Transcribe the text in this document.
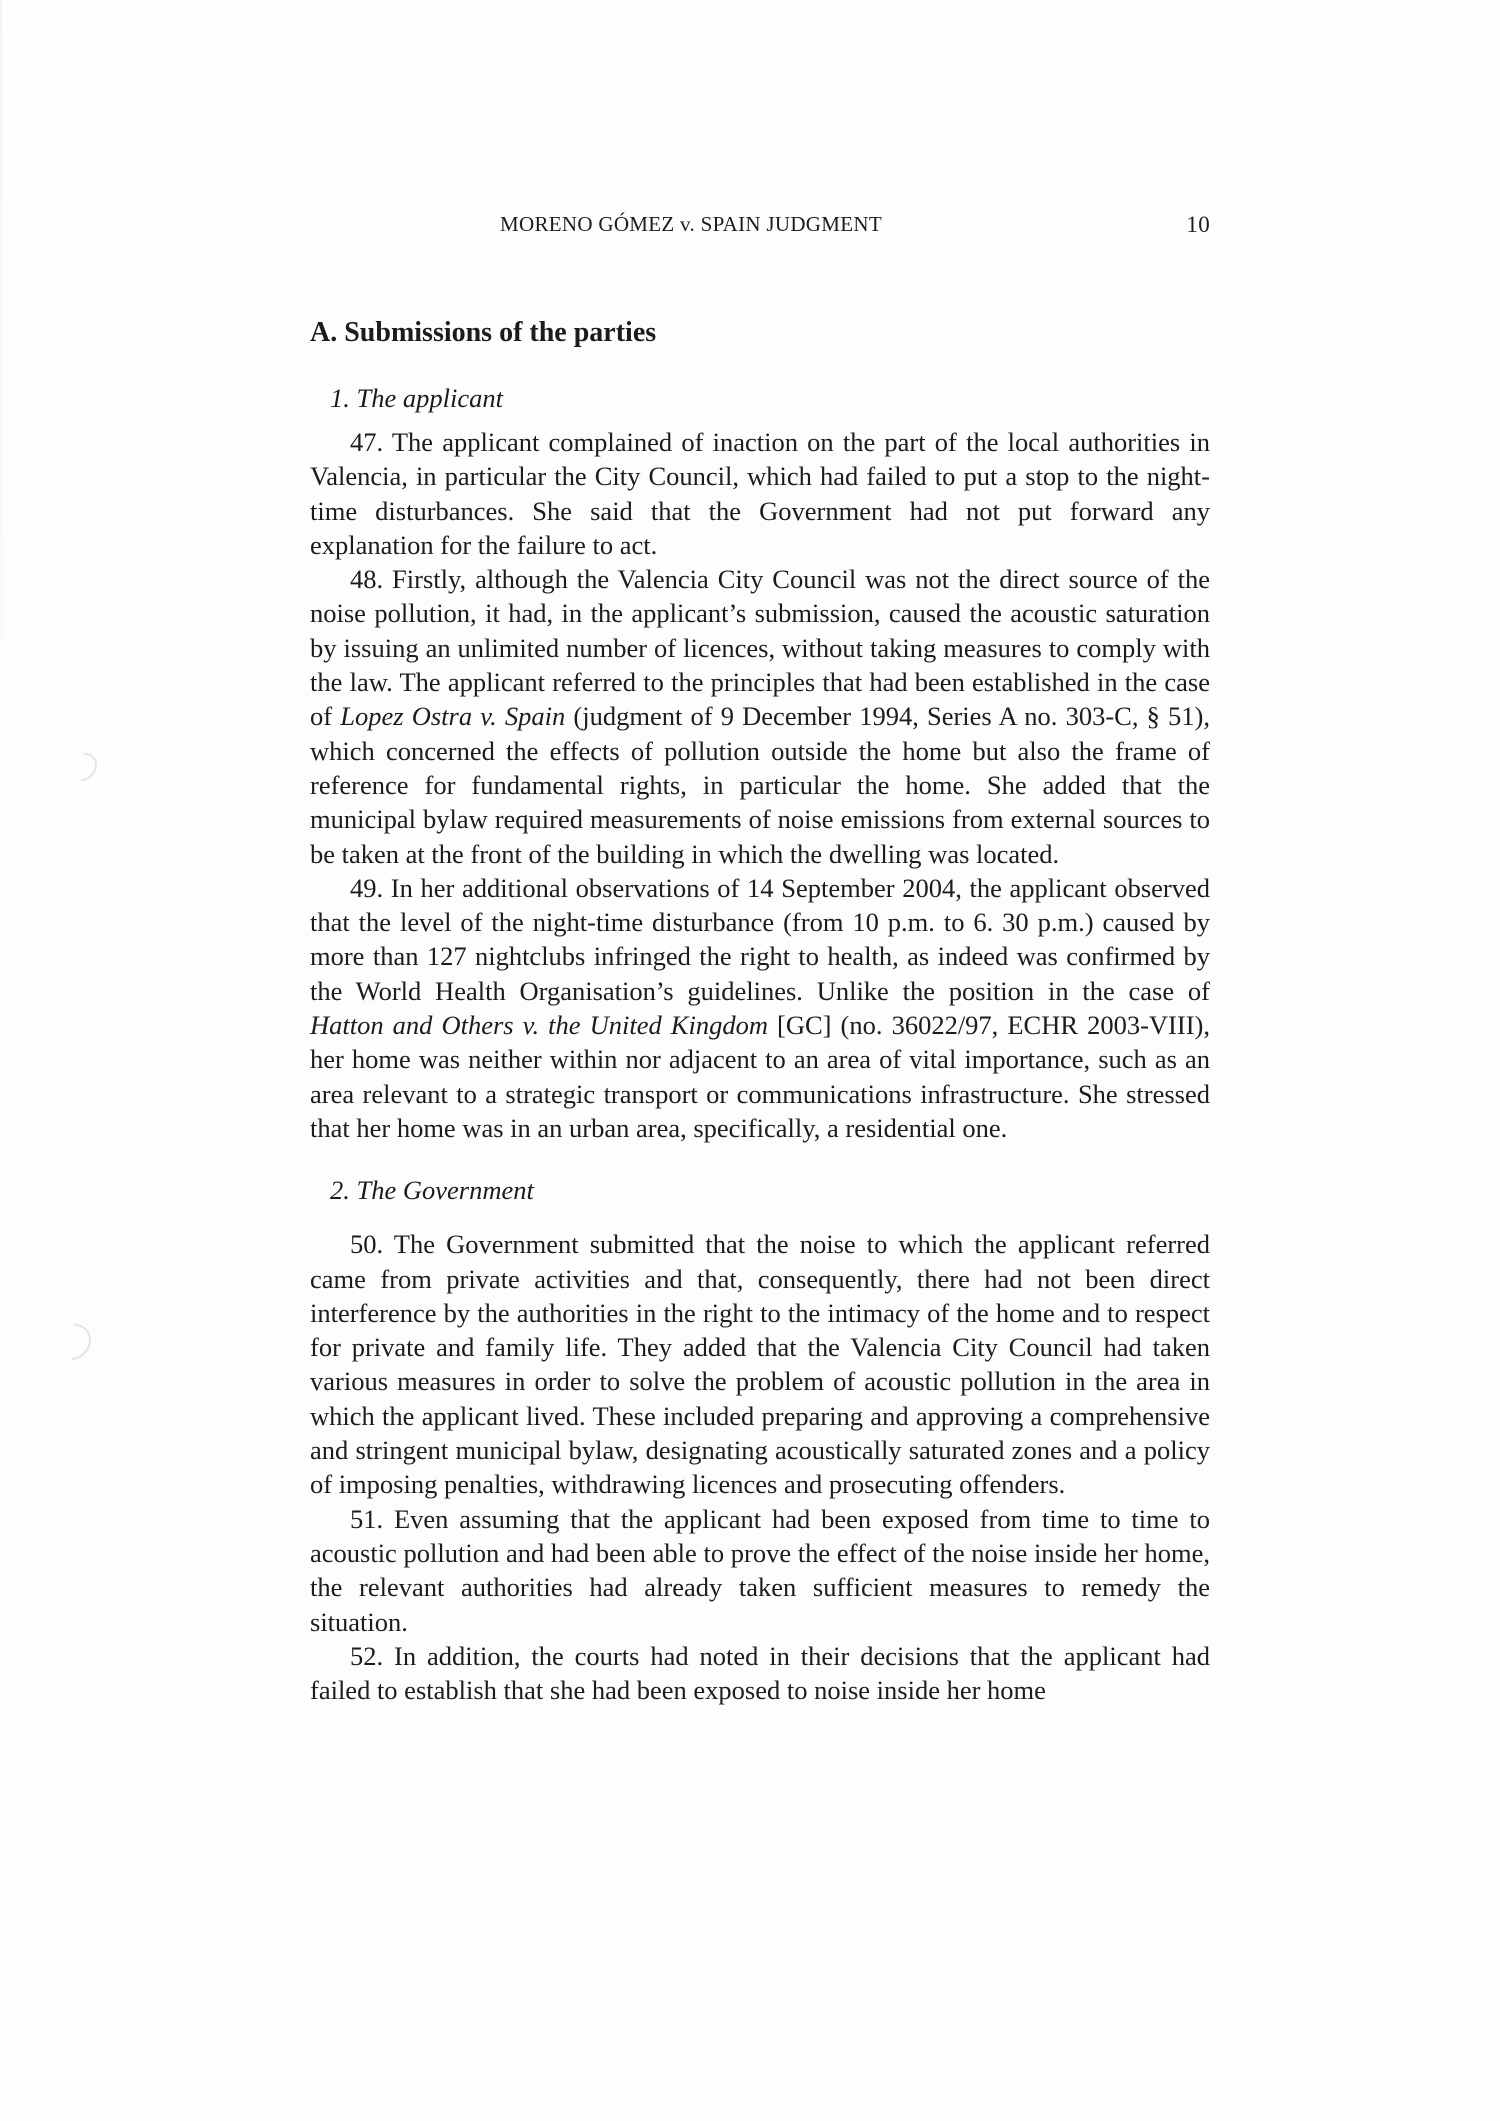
MORENO GÓMEZ v. SPAIN JUDGMENT	10
A. Submissions of the parties
1. The applicant

47. The applicant complained of inaction on the part of the local authorities in Valencia, in particular the City Council, which had failed to put a stop to the night-time disturbances. She said that the Government had not put forward any explanation for the failure to act.

48. Firstly, although the Valencia City Council was not the direct source of the noise pollution, it had, in the applicant’s submission, caused the acoustic saturation by issuing an unlimited number of licences, without taking measures to comply with the law. The applicant referred to the principles that had been established in the case of Lopez Ostra v. Spain (judgment of 9 December 1994, Series A no. 303-C, § 51), which concerned the effects of pollution outside the home but also the frame of reference for fundamental rights, in particular the home. She added that the municipal bylaw required measurements of noise emissions from external sources to be taken at the front of the building in which the dwelling was located.

49. In her additional observations of 14 September 2004, the applicant observed that the level of the night-time disturbance (from 10 p.m. to 6. 30 p.m.) caused by more than 127 nightclubs infringed the right to health, as indeed was confirmed by the World Health Organisation’s guidelines. Unlike the position in the case of Hatton and Others v. the United Kingdom [GC] (no. 36022/97, ECHR 2003-VIII), her home was neither within nor adjacent to an area of vital importance, such as an area relevant to a strategic transport or communications infrastructure. She stressed that her home was in an urban area, specifically, a residential one.

2. The Government

50. The Government submitted that the noise to which the applicant referred came from private activities and that, consequently, there had not been direct interference by the authorities in the right to the intimacy of the home and to respect for private and family life. They added that the Valencia City Council had taken various measures in order to solve the problem of acoustic pollution in the area in which the applicant lived. These included preparing and approving a comprehensive and stringent municipal bylaw, designating acoustically saturated zones and a policy of imposing penalties, withdrawing licences and prosecuting offenders.

51. Even assuming that the applicant had been exposed from time to time to acoustic pollution and had been able to prove the effect of the noise inside her home, the relevant authorities had already taken sufficient measures to remedy the situation.

52. In addition, the courts had noted in their decisions that the applicant had failed to establish that she had been exposed to noise inside her home
